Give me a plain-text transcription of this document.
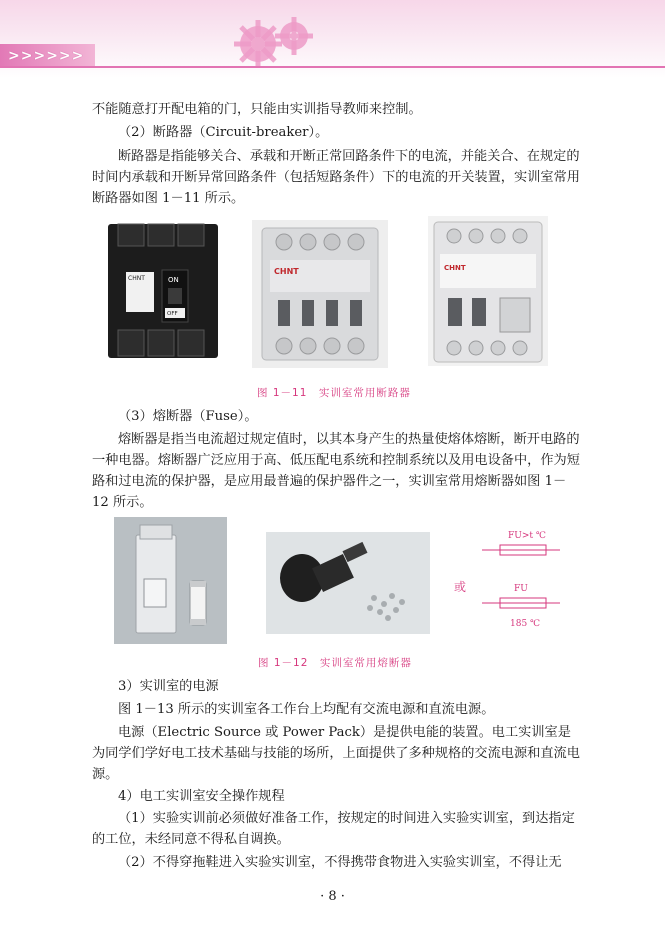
>>>>>>

不能随意打开配电箱的门，只能由实训指导教师来控制。

（2）断路器（Circuit-breaker）。

断路器是指能够关合、承载和开断正常回路条件下的电流，并能关合、在规定的时间内承载和开断异常回路条件（包括短路条件）下的电流的开关装置，实训室常用断路器如图 1－11 所示。

CHNT	ON
OFF
CHNT	CHNT
图 1－11　实训室常用断路器

（3）熔断器（Fuse）。

熔断器是指当电流超过规定值时，以其本身产生的热量使熔体熔断，断开电路的一种电器。熔断器广泛应用于高、低压配电系统和控制系统以及用电设备中，作为短路和过电流的保护器，是应用最普遍的保护器件之一，实训室常用熔断器如图 1－12 所示。

或
FU>t ℃
FU
185 ℃
图 1－12　实训室常用熔断器

3）实训室的电源

图 1－13 所示的实训室各工作台上均配有交流电源和直流电源。

电源（Electric Source 或 Power Pack）是提供电能的装置。电工实训室是为同学们学好电工技术基础与技能的场所，上面提供了多种规格的交流电源和直流电源。

4）电工实训室安全操作规程

（1）实验实训前必须做好准备工作，按规定的时间进入实验实训室，到达指定的工位，未经同意不得私自调换。

（2）不得穿拖鞋进入实验实训室，不得携带食物进入实验实训室，不得让无

· 8 ·
